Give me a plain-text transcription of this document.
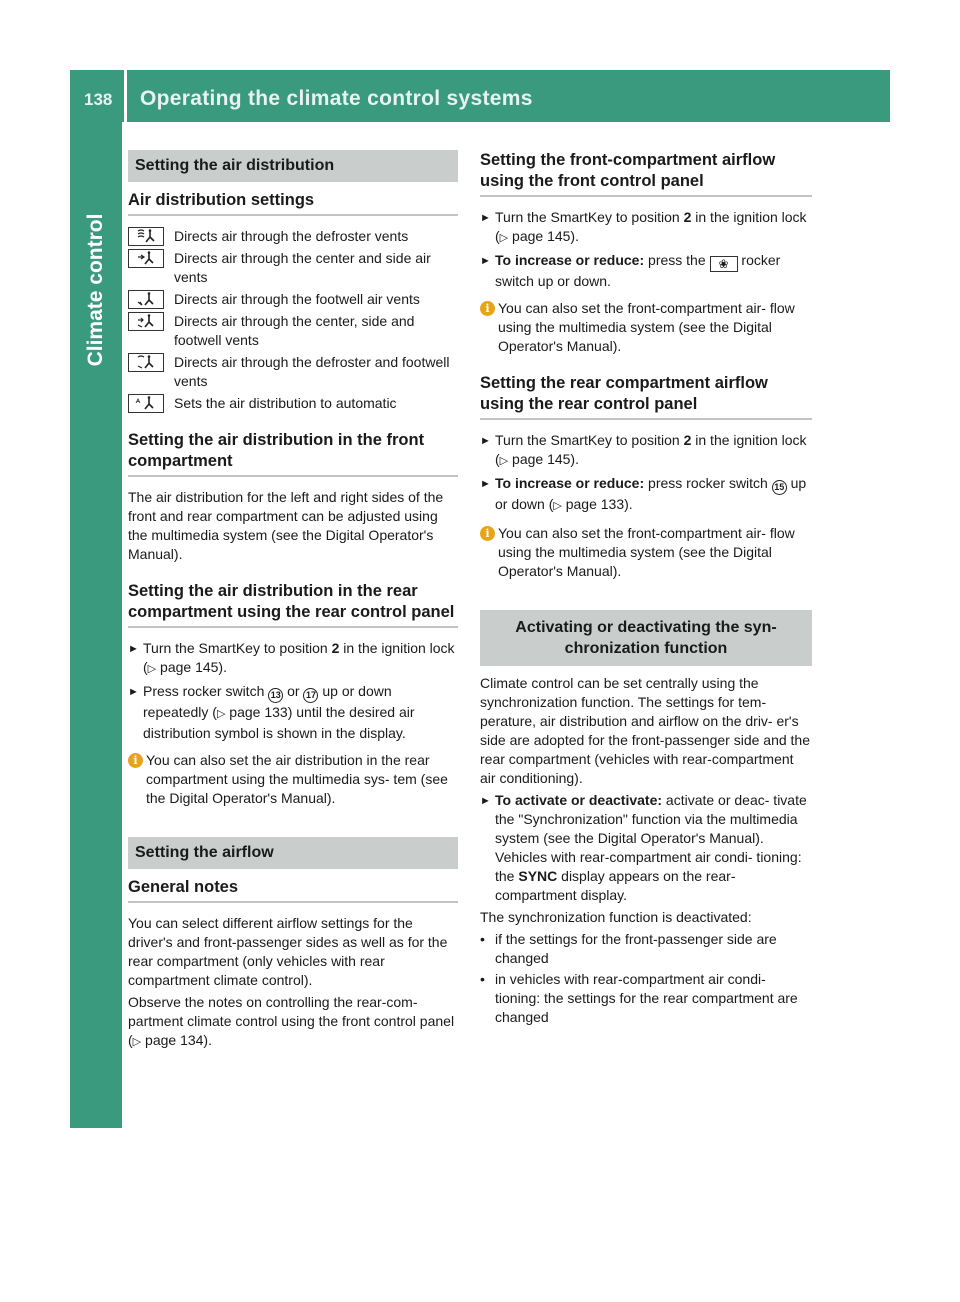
138 Operating the climate control systems
Climate control
Setting the air distribution
Air distribution settings
Directs air through the defroster vents
Directs air through the center and side air vents
Directs air through the footwell air vents
Directs air through the center, side and footwell vents
Directs air through the defroster and footwell vents
Sets the air distribution to automatic
Setting the air distribution in the front compartment

The air distribution for the left and right sides of the front and rear compartment can be adjusted using the multimedia system (see the Digital Operator's Manual).

Setting the air distribution in the rear compartment using the rear control panel
► Turn the SmartKey to position 2 in the ignition lock (▷ page 145).
► Press rocker switch 13 or 17 up or down repeatedly (▷ page 133) until the desired air distribution symbol is shown in the display.
i You can also set the air distribution in the rear compartment using the multimedia sys- tem (see the Digital Operator's Manual).
Setting the airflow
General notes

You can select different airflow settings for the driver's and front-passenger sides as well as for the rear compartment (only vehicles with rear compartment climate control).

Observe the notes on controlling the rear-com- partment climate control using the front control panel (▷ page 134).

Setting the front-compartment airflow using the front control panel
► Turn the SmartKey to position 2 in the ignition lock (▷ page 145).
► To increase or reduce: press the ❀ rocker switch up or down.
i You can also set the front-compartment air- flow using the multimedia system (see the Digital Operator's Manual).
Setting the rear compartment airflow using the rear control panel
► Turn the SmartKey to position 2 in the ignition lock (▷ page 145).
► To increase or reduce: press rocker switch 15 up or down (▷ page 133).
i You can also set the front-compartment air- flow using the multimedia system (see the Digital Operator's Manual).
Activating or deactivating the syn- chronization function

Climate control can be set centrally using the synchronization function. The settings for tem- perature, air distribution and airflow on the driv- er's side are adopted for the front-passenger side and the rear compartment (vehicles with rear-compartment air conditioning).

► To activate or deactivate: activate or deac- tivate the "Synchronization" function via the multimedia system (see the Digital Operator's Manual).
Vehicles with rear-compartment air condi- tioning: the SYNC display appears on the rear-compartment display.

The synchronization function is deactivated:

• if the settings for the front-passenger side are changed
• in vehicles with rear-compartment air condi- tioning: the settings for the rear compartment are changed
